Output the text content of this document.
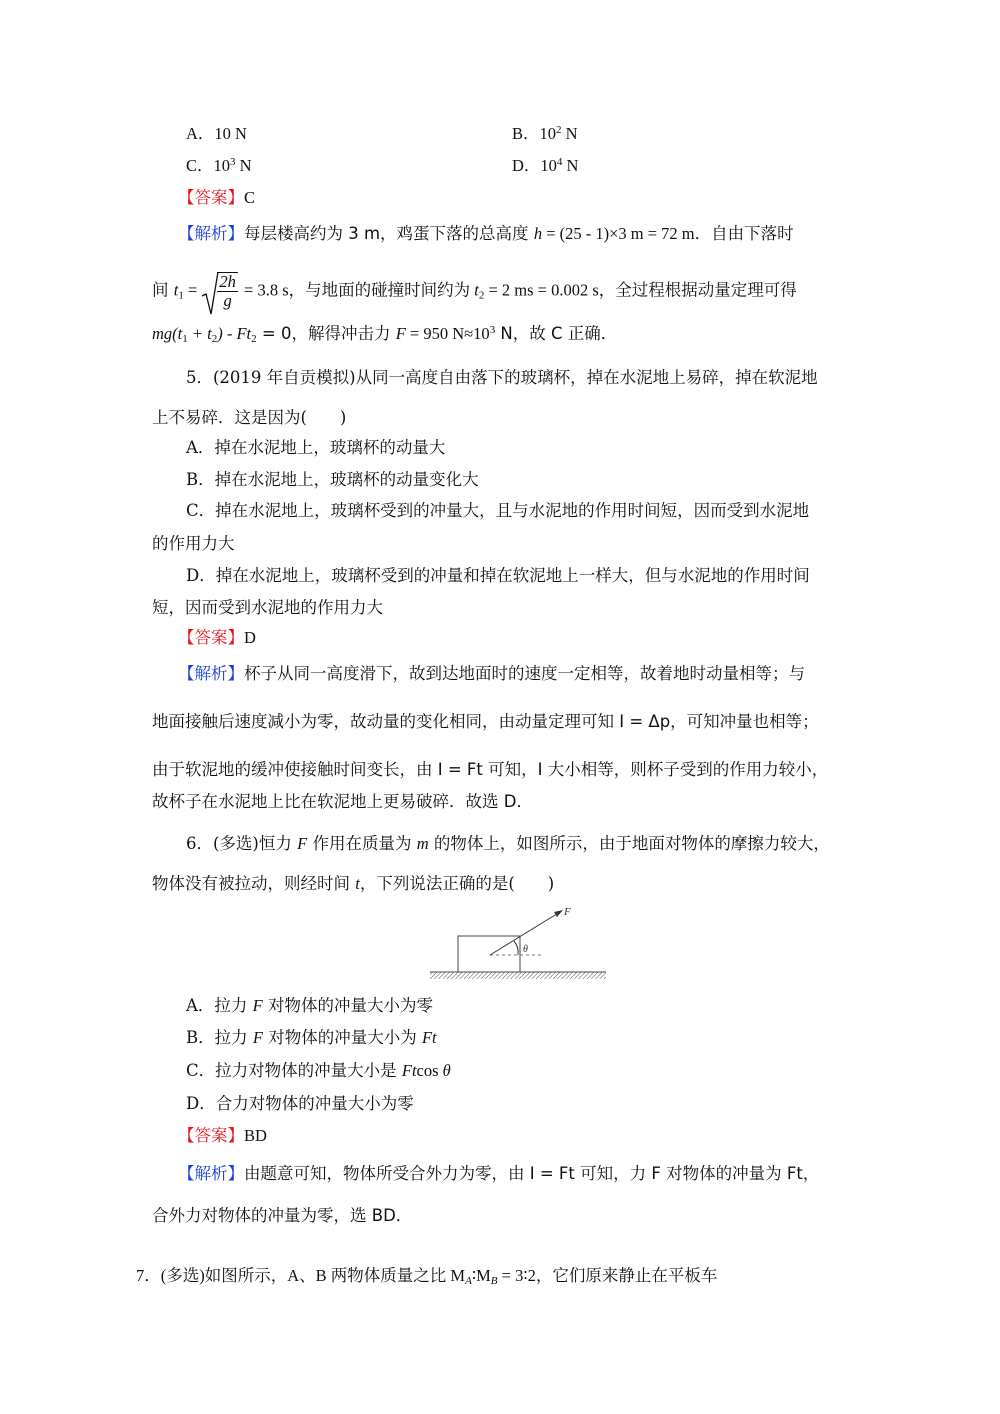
A．10 N	B．$10^2$ N
C．$10^3$ N	D．$10^4$ N
【答案】C
【解析】每层楼高约为 3 m，鸡蛋下落的总高度 h = (25 - 1)×3 m = 72 m．自由下落时
间 $t_1 = \frac{2h}{g} = 3.8$ s，与地面的碰撞时间约为 $t_2 = 2$ ms = 0.002 s，全过程根据动量定理可得
$mg(t_1 + t_2) - Ft_2 = 0$，解得冲击力 F = 950 $N\approx 10^3$ N，故 C 正确．
5．(2019 年自贡模拟)从同一高度自由落下的玻璃杯，掉在水泥地上易碎，掉在软泥地
上不易碎．这是因为(　　)
A．掉在水泥地上，玻璃杯的动量大
B．掉在水泥地上，玻璃杯的动量变化大
C．掉在水泥地上，玻璃杯受到的冲量大，且与水泥地的作用时间短，因而受到水泥地
的作用力大
D．掉在水泥地上，玻璃杯受到的冲量和掉在软泥地上一样大，但与水泥地的作用时间
短，因而受到水泥地的作用力大
【答案】D
【解析】杯子从同一高度滑下，故到达地面时的速度一定相等，故着地时动量相等；与
地面接触后速度减小为零，故动量的变化相同，由动量定理可知 I = Δp，可知冲量也相等；
由于软泥地的缓冲使接触时间变长，由 I = Ft 可知，I 大小相等，则杯子受到的作用力较小，
故杯子在水泥地上比在软泥地上更易破碎．故选 D．
6．(多选)恒力 F 作用在质量为 m 的物体上，如图所示，由于地面对物体的摩擦力较大，
物体没有被拉动，则经时间 t，下列说法正确的是(　　)
F
θ
A．拉力 F 对物体的冲量大小为零
B．拉力 F 对物体的冲量大小为 Ft
C．拉力对物体的冲量大小是 Ftcos θ
D．合力对物体的冲量大小为零
【答案】BD
【解析】由题意可知，物体所受合外力为零，由 I = Ft 可知，力 F 对物体的冲量为 Ft，
合外力对物体的冲量为零，选 BD．
7．(多选)如图所示，A、B 两物体质量之比 $M_A∶M_B$ = 3∶2，它们原来静止在平板车
